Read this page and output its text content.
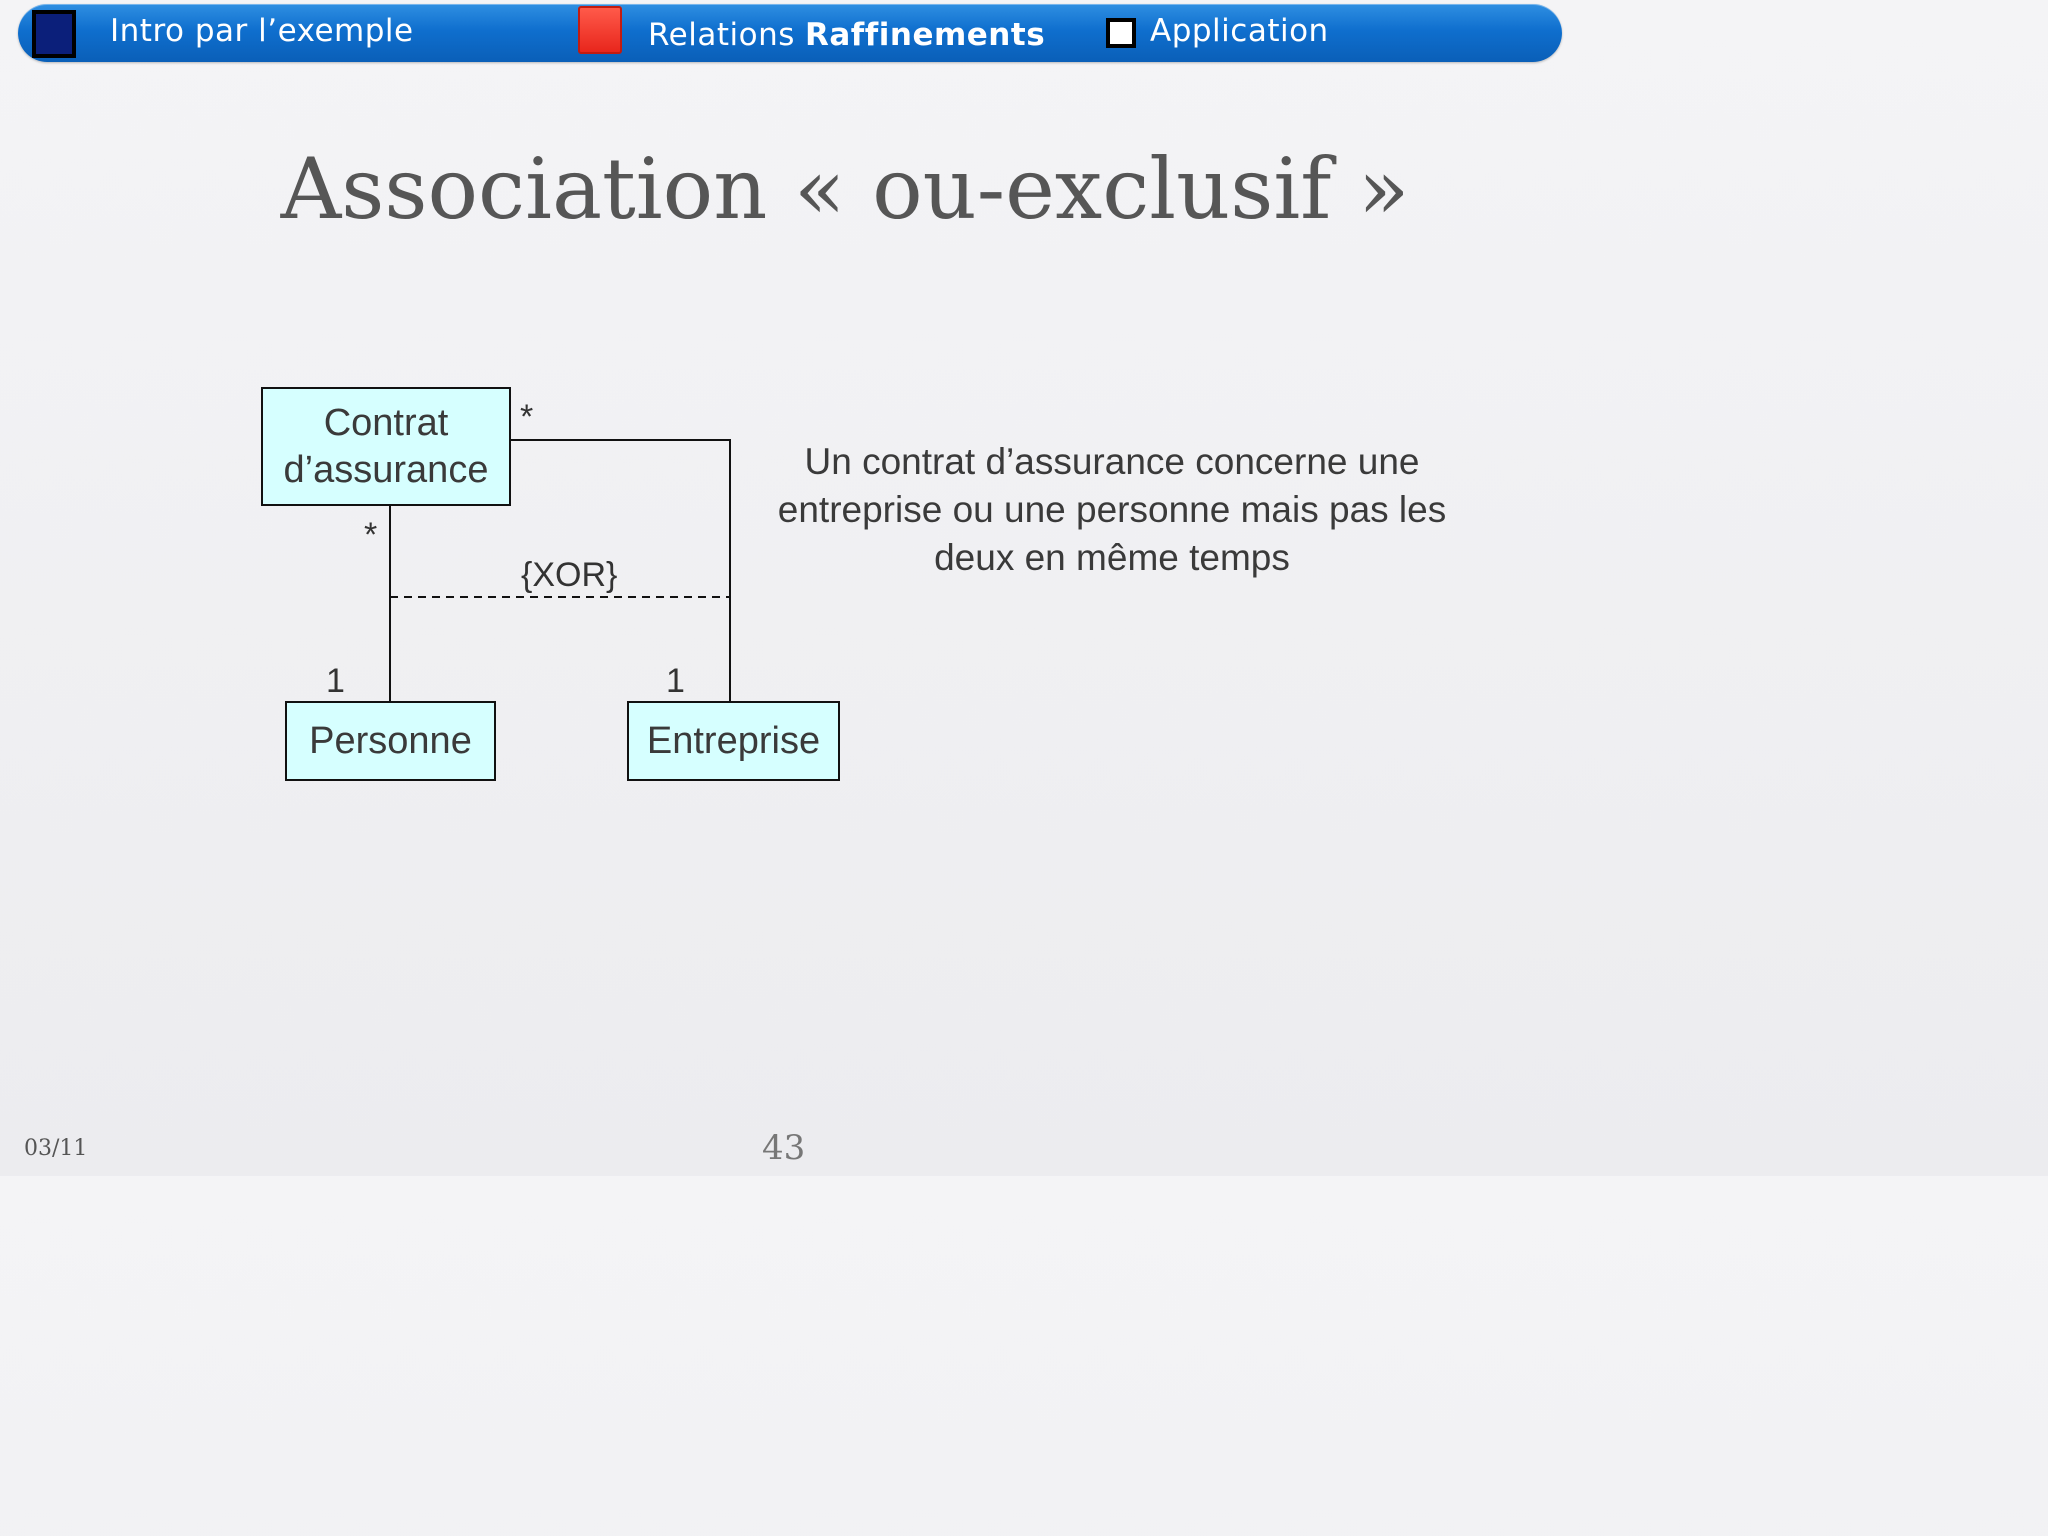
Intro par l’exemple	Relations Raffinements	Application
Association « ou-exclusif »
Contrat
d’assurance
Personne	Entreprise
*
*
1	1
{XOR}
Un contrat d’assurance concerne une entreprise ou une personne mais pas les deux en même temps
03/11	43
